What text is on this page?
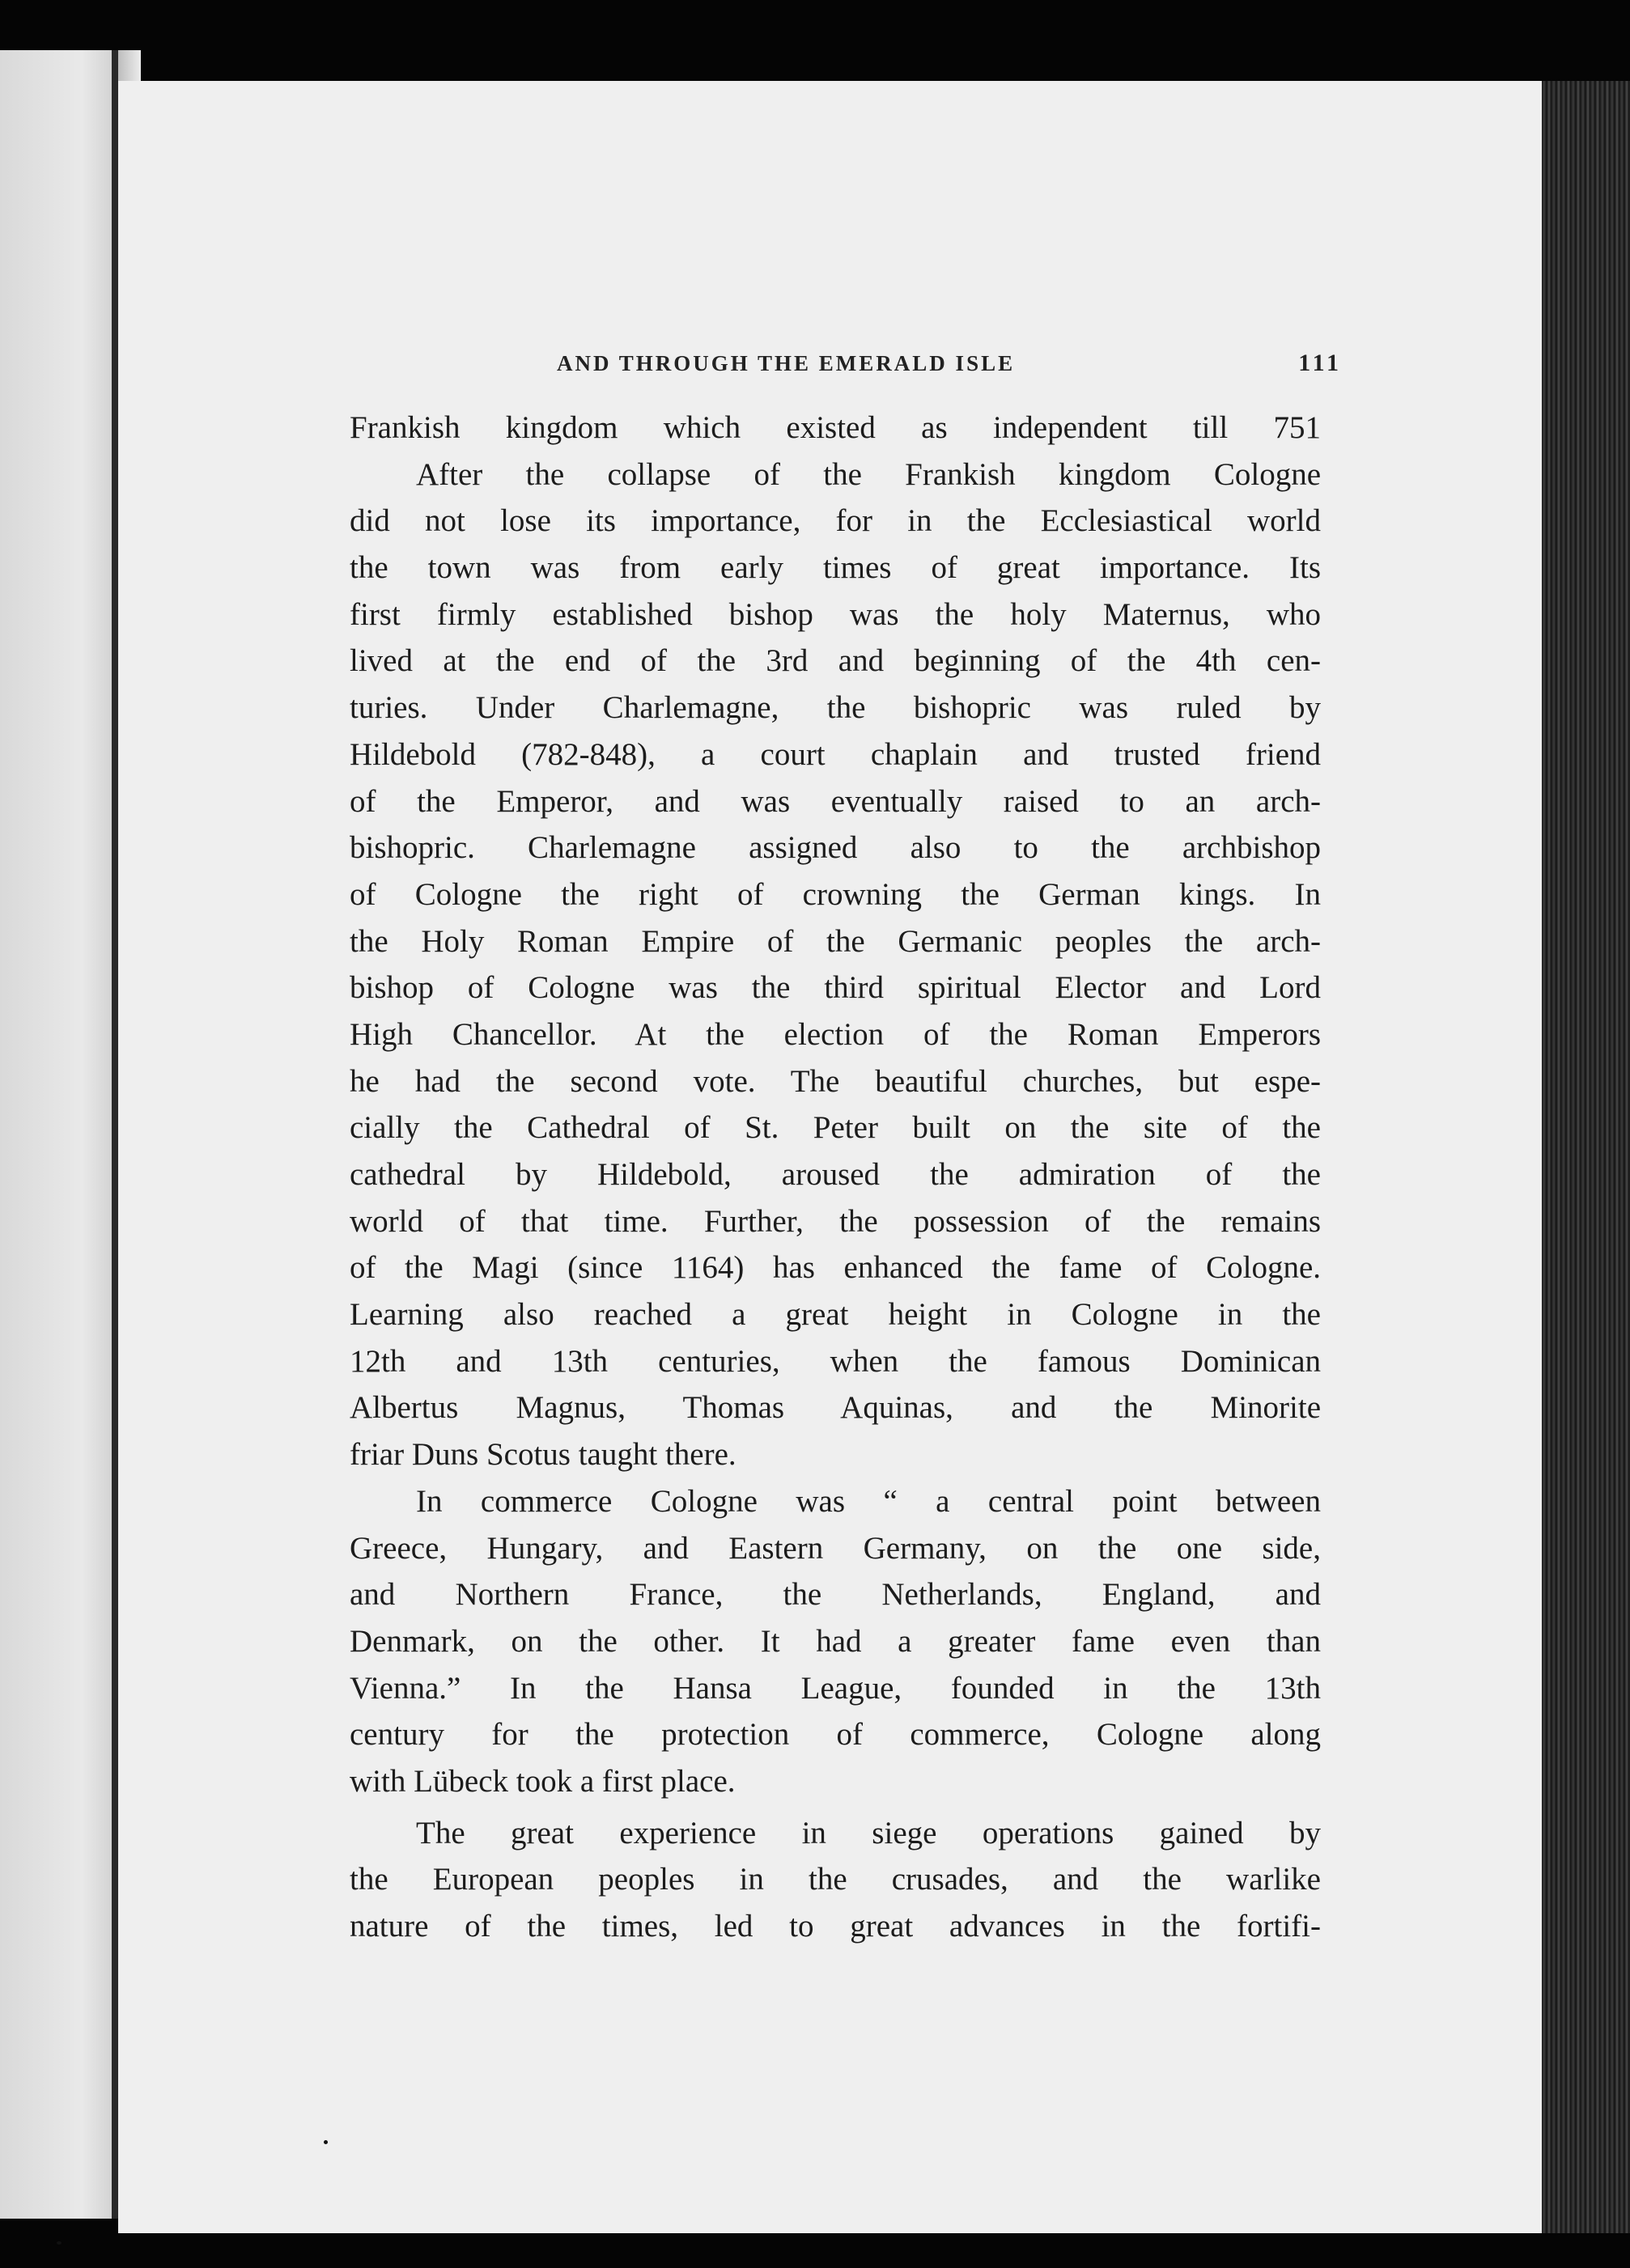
AND THROUGH THE EMERALD ISLE	111
Frankish kingdom which existed as independent till 751
After the collapse of the Frankish kingdom Cologne
did not lose its importance, for in the Ecclesiastical world
the town was from early times of great importance. Its
first firmly established bishop was the holy Maternus, who
lived at the end of the 3rd and beginning of the 4th cen-
turies. Under Charlemagne, the bishopric was ruled by
Hildebold (782-848), a court chaplain and trusted friend
of the Emperor, and was eventually raised to an arch-
bishopric. Charlemagne assigned also to the archbishop
of Cologne the right of crowning the German kings. In
the Holy Roman Empire of the Germanic peoples the arch-
bishop of Cologne was the third spiritual Elector and Lord
High Chancellor. At the election of the Roman Emperors
he had the second vote. The beautiful churches, but espe-
cially the Cathedral of St. Peter built on the site of the
cathedral by Hildebold, aroused the admiration of the
world of that time. Further, the possession of the remains
of the Magi (since 1164) has enhanced the fame of Cologne.
Learning also reached a great height in Cologne in the
12th and 13th centuries, when the famous Dominican
Albertus Magnus, Thomas Aquinas, and the Minorite
friar Duns Scotus taught there.
In commerce Cologne was “ a central point between
Greece, Hungary, and Eastern Germany, on the one side,
and Northern France, the Netherlands, England, and
Denmark, on the other. It had a greater fame even than
Vienna.” In the Hansa League, founded in the 13th
century for the protection of commerce, Cologne along
with Lübeck took a first place.
The great experience in siege operations gained by
the European peoples in the crusades, and the warlike
nature of the times, led to great advances in the fortifi-
